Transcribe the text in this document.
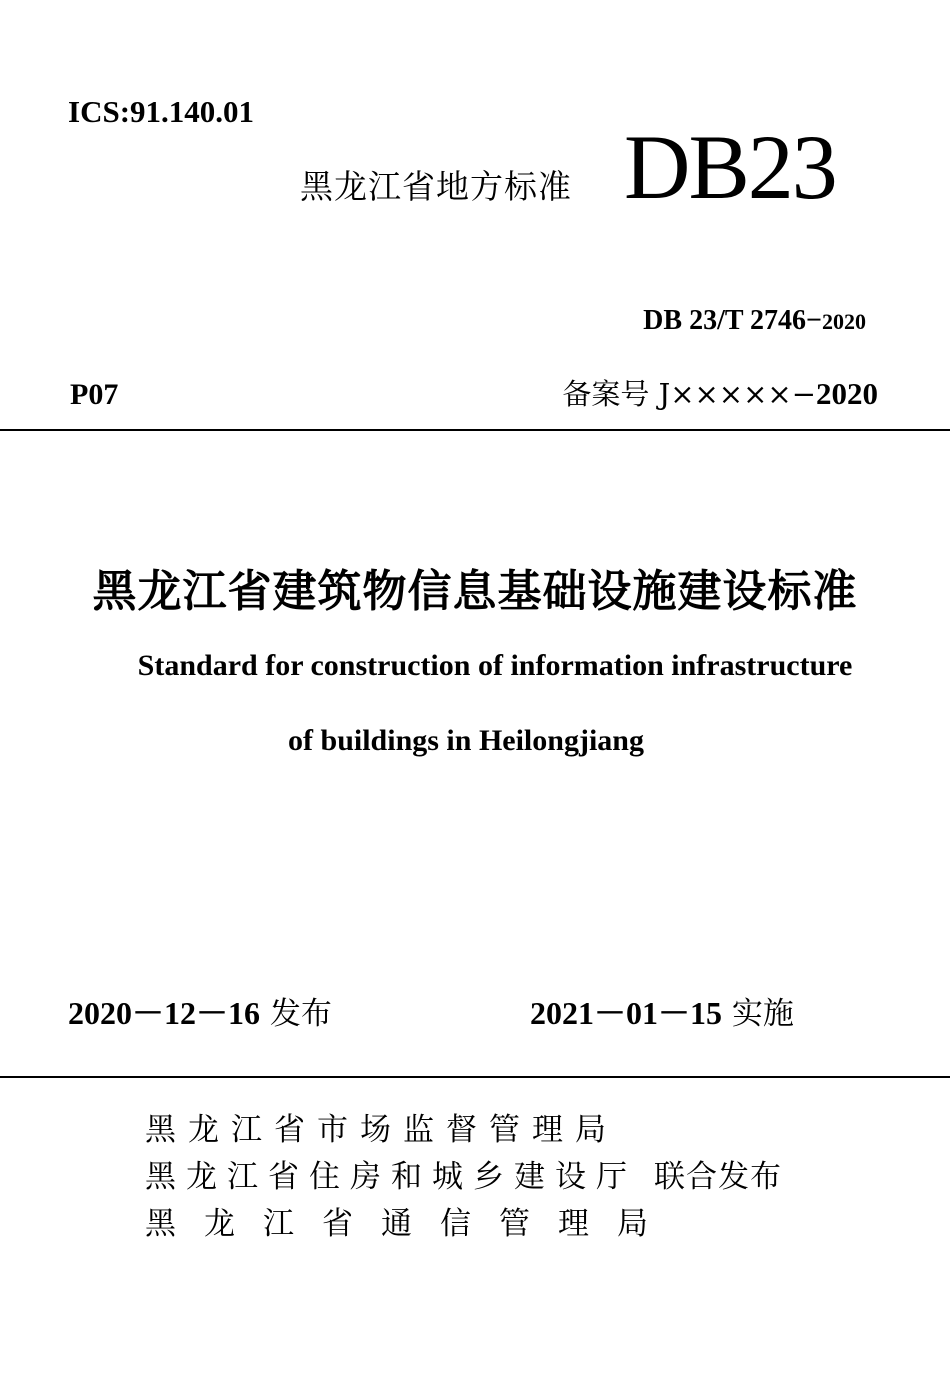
ICS:91.140.01
黑龙江省地方标准 DB23
DB 23/T 2746−2020
P07	备案号 J×××××−2020
黑龙江省建筑物信息基础设施建设标准
Standard for construction of information infrastructure
of buildings in Heilongjiang
2020－12－16 发布	2021－01－15 实施
黑龙江省市场监督管理局
黑龙江省住房和城乡建设厅
黑龙江省通信管理局
联合发布
